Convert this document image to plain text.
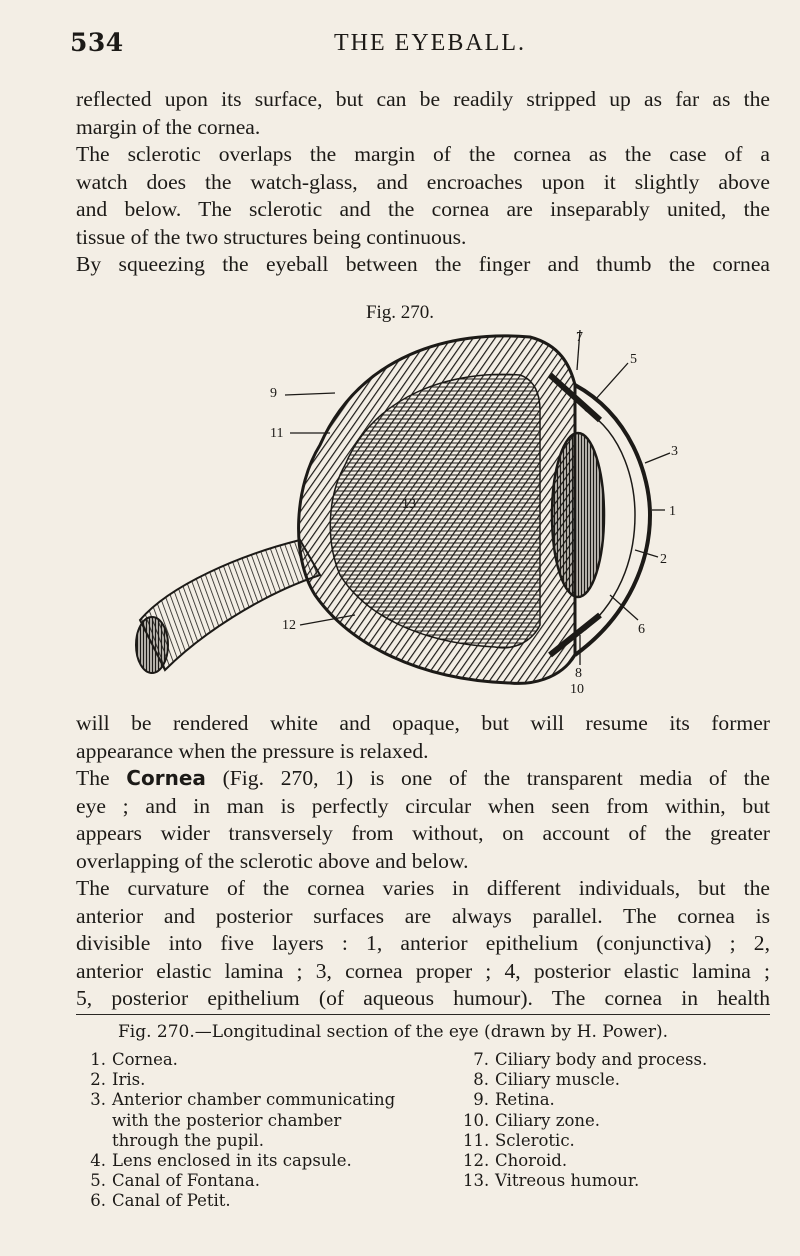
534	THE EYEBALL.
reflected upon its surface, but can be readily stripped up as far as the
margin of the cornea.
The sclerotic overlaps the margin of the cornea as the case of a
watch does the watch-glass, and encroaches upon it slightly above
and below. The sclerotic and the cornea are inseparably united, the
tissue of the two structures being continuous.
By squeezing the eyeball between the finger and thumb the cornea
Fig. 270.
9
11
12
13
7
5
3
1
2
6
8
10
will be rendered white and opaque, but will resume its former
appearance when the pressure is relaxed.
The Cornea (Fig. 270, 1) is one of the transparent media of the
eye ; and in man is perfectly circular when seen from within, but
appears wider transversely from without, on account of the greater
overlapping of the sclerotic above and below.
The curvature of the cornea varies in different individuals, but the
anterior and posterior surfaces are always parallel. The cornea is
divisible into five layers : 1, anterior epithelium (conjunctiva) ; 2,
anterior elastic lamina ; 3, cornea proper ; 4, posterior elastic lamina ;
5, posterior epithelium (of aqueous humour). The cornea in health
Fig. 270.—Longitudinal section of the eye (drawn by H. Power).
1. Cornea.
2. Iris.
3. Anterior chamber communicating
with the posterior chamber
through the pupil.
4. Lens enclosed in its capsule.
5. Canal of Fontana.
6. Canal of Petit.
7. Ciliary body and process.
8. Ciliary muscle.
9. Retina.
10. Ciliary zone.
11. Sclerotic.
12. Choroid.
13. Vitreous humour.
